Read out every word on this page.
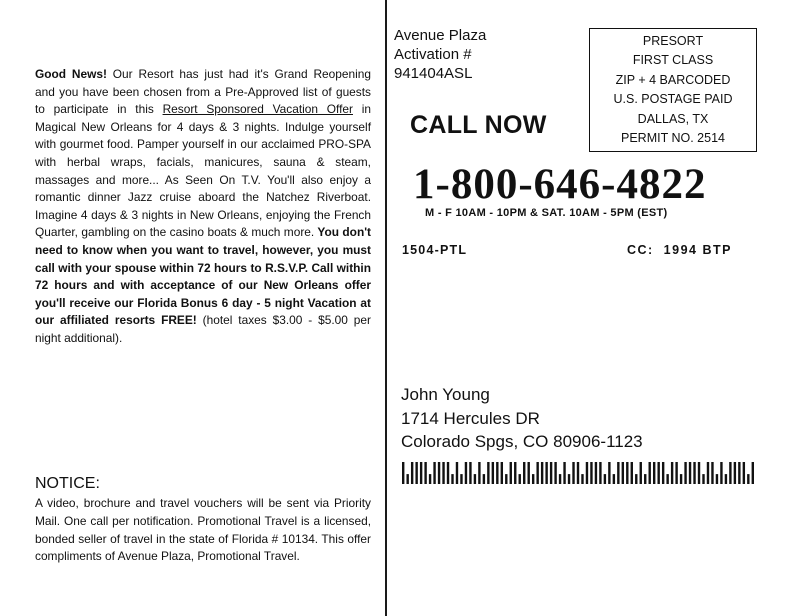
Good News! Our Resort has just had it's Grand Reopening and you have been chosen from a Pre-Approved list of guests to participate in this Resort Sponsored Vacation Offer in Magical New Orleans for 4 days & 3 nights. Indulge yourself with gourmet food. Pamper yourself in our acclaimed PRO-SPA with herbal wraps, facials, manicures, sauna & steam, massages and more... As Seen On T.V. You'll also enjoy a romantic dinner Jazz cruise aboard the Natchez Riverboat. Imagine 4 days & 3 nights in New Orleans, enjoying the French Quarter, gambling on the casino boats & much more. You don't need to know when you want to travel, however, you must call with your spouse within 72 hours to R.S.V.P. Call within 72 hours and with acceptance of our New Orleans offer you'll receive our Florida Bonus 6 day - 5 night Vacation at our affiliated resorts FREE! (hotel taxes $3.00 - $5.00 per night additional).
NOTICE:
A video, brochure and travel vouchers will be sent via Priority Mail. One call per notification. Promotional Travel is a licensed, bonded seller of travel in the state of Florida # 10134. This offer compliments of Avenue Plaza, Promotional Travel.
Avenue Plaza
Activation #
941404ASL
PRESORT
FIRST CLASS
ZIP + 4 BARCODED
U.S. POSTAGE PAID
DALLAS, TX
PERMIT NO. 2514
CALL NOW
1-800-646-4822
M - F 10AM - 10PM & SAT. 10AM - 5PM (EST)
1504-PTL	CC:  1994 BTP
John Young
1714 Hercules DR
Colorado Spgs, CO 80906-1123
